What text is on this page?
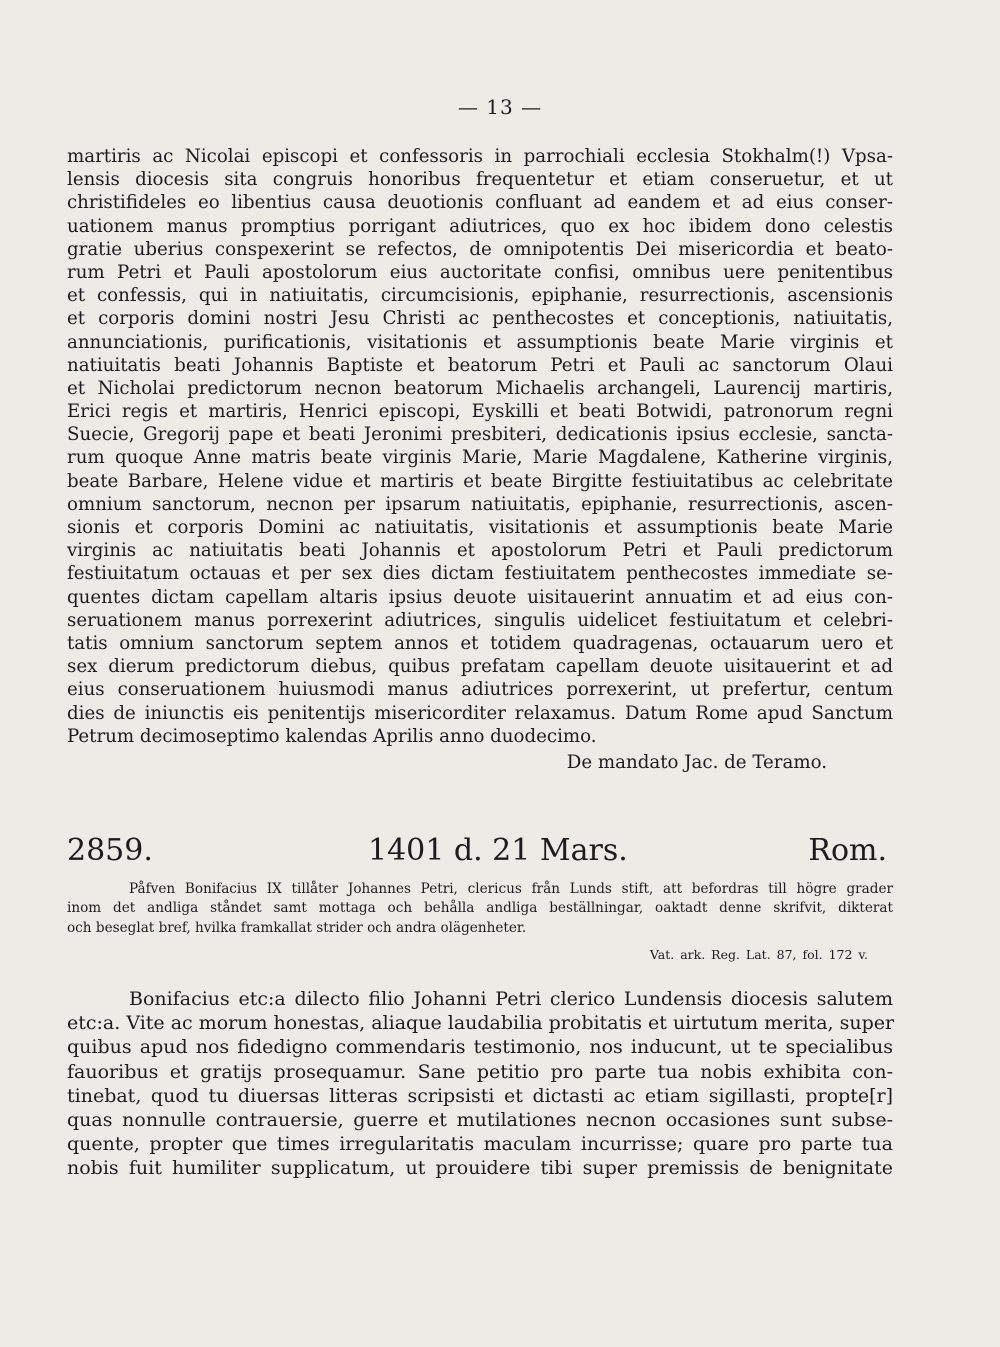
— 13 —
martiris ac Nicolai episcopi et confessoris in parrochiali ecclesia Stokhalm(!) Vpsa-
lensis diocesis sita congruis honoribus frequentetur et etiam conseruetur, et ut
christifideles eo libentius causa deuotionis confluant ad eandem et ad eius conser-
uationem manus promptius porrigant adiutrices, quo ex hoc ibidem dono celestis
gratie uberius conspexerint se refectos, de omnipotentis Dei misericordia et beato-
rum Petri et Pauli apostolorum eius auctoritate confisi, omnibus uere penitentibus
et confessis, qui in natiuitatis, circumcisionis, epiphanie, resurrectionis, ascensionis
et corporis domini nostri Jesu Christi ac penthecostes et conceptionis, natiuitatis,
annunciationis, purificationis, visitationis et assumptionis beate Marie virginis et
natiuitatis beati Johannis Baptiste et beatorum Petri et Pauli ac sanctorum Olaui
et Nicholai predictorum necnon beatorum Michaelis archangeli, Laurencij martiris,
Erici regis et martiris, Henrici episcopi, Eyskilli et beati Botwidi, patronorum regni
Suecie, Gregorij pape et beati Jeronimi presbiteri, dedicationis ipsius ecclesie, sancta-
rum quoque Anne matris beate virginis Marie, Marie Magdalene, Katherine virginis,
beate Barbare, Helene vidue et martiris et beate Birgitte festiuitatibus ac celebritate
omnium sanctorum, necnon per ipsarum natiuitatis, epiphanie, resurrectionis, ascen-
sionis et corporis Domini ac natiuitatis, visitationis et assumptionis beate Marie
virginis ac natiuitatis beati Johannis et apostolorum Petri et Pauli predictorum
festiuitatum octauas et per sex dies dictam festiuitatem penthecostes immediate se-
quentes dictam capellam altaris ipsius deuote uisitauerint annuatim et ad eius con-
seruationem manus porrexerint adiutrices, singulis uidelicet festiuitatum et celebri-
tatis omnium sanctorum septem annos et totidem quadragenas, octauarum uero et
sex dierum predictorum diebus, quibus prefatam capellam deuote uisitauerint et ad
eius conseruationem huiusmodi manus adiutrices porrexerint, ut prefertur, centum
dies de iniunctis eis penitentijs misericorditer relaxamus. Datum Rome apud Sanctum
Petrum decimoseptimo kalendas Aprilis anno duodecimo.
De mandato Jac. de Teramo.
2859.	1401 d. 21 Mars.	Rom.
Påfven Bonifacius IX tillåter Johannes Petri, clericus från Lunds stift, att befordras till högre grader
inom det andliga ståndet samt mottaga och behålla andliga beställningar, oaktadt denne skrifvit, dikterat
och beseglat bref, hvilka framkallat strider och andra olägenheter.
Vat. ark. Reg. Lat. 87, fol. 172 v.
Bonifacius etc:a dilecto filio Johanni Petri clerico Lundensis diocesis salutem
etc:a. Vite ac morum honestas, aliaque laudabilia probitatis et uirtutum merita, super
quibus apud nos fidedigno commendaris testimonio, nos inducunt, ut te specialibus
fauoribus et gratijs prosequamur. Sane petitio pro parte tua nobis exhibita con-
tinebat, quod tu diuersas litteras scripsisti et dictasti ac etiam sigillasti, propte[r]
quas nonnulle contrauersie, guerre et mutilationes necnon occasiones sunt subse-
quente, propter que times irregularitatis maculam incurrisse; quare pro parte tua
nobis fuit humiliter supplicatum, ut prouidere tibi super premissis de benignitate
